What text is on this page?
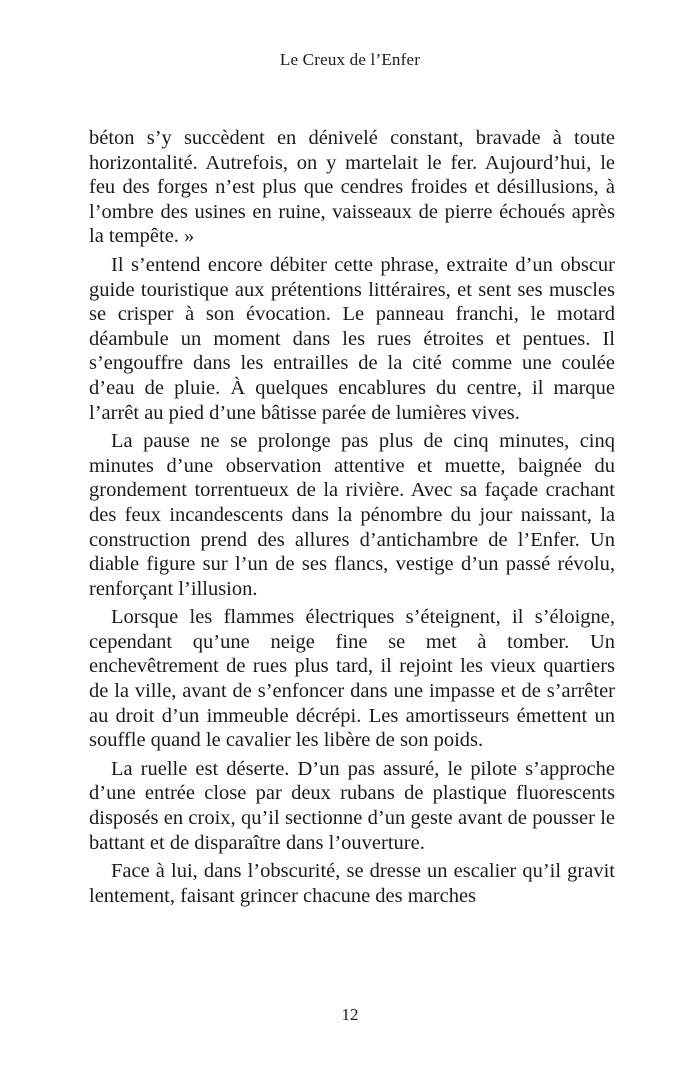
Le Creux de l’Enfer

béton s’y succèdent en dénivelé constant, bravade à toute horizontalité. Autrefois, on y martelait le fer. Aujourd’hui, le feu des forges n’est plus que cendres froides et désillusions, à l’ombre des usines en ruine, vaisseaux de pierre échoués après la tempête. »

Il s’entend encore débiter cette phrase, extraite d’un obscur guide touristique aux prétentions littéraires, et sent ses muscles se crisper à son évocation. Le panneau franchi, le motard déambule un moment dans les rues étroites et pentues. Il s’engouffre dans les entrailles de la cité comme une coulée d’eau de pluie. À quelques encablures du centre, il marque l’arrêt au pied d’une bâtisse parée de lumières vives.

La pause ne se prolonge pas plus de cinq minutes, cinq minutes d’une observation attentive et muette, baignée du grondement torrentueux de la rivière. Avec sa façade crachant des feux incandescents dans la pénombre du jour naissant, la construction prend des allures d’antichambre de l’Enfer. Un diable figure sur l’un de ses flancs, vestige d’un passé révolu, renforçant l’illusion.

Lorsque les flammes électriques s’éteignent, il s’éloigne, cependant qu’une neige fine se met à tomber. Un enchevêtrement de rues plus tard, il rejoint les vieux quartiers de la ville, avant de s’enfoncer dans une impasse et de s’arrêter au droit d’un immeuble décrépi. Les amortisseurs émettent un souffle quand le cavalier les libère de son poids.

La ruelle est déserte. D’un pas assuré, le pilote s’approche d’une entrée close par deux rubans de plastique fluorescents disposés en croix, qu’il sectionne d’un geste avant de pousser le battant et de disparaître dans l’ouverture.

Face à lui, dans l’obscurité, se dresse un escalier qu’il gravit lentement, faisant grincer chacune des marches

12
